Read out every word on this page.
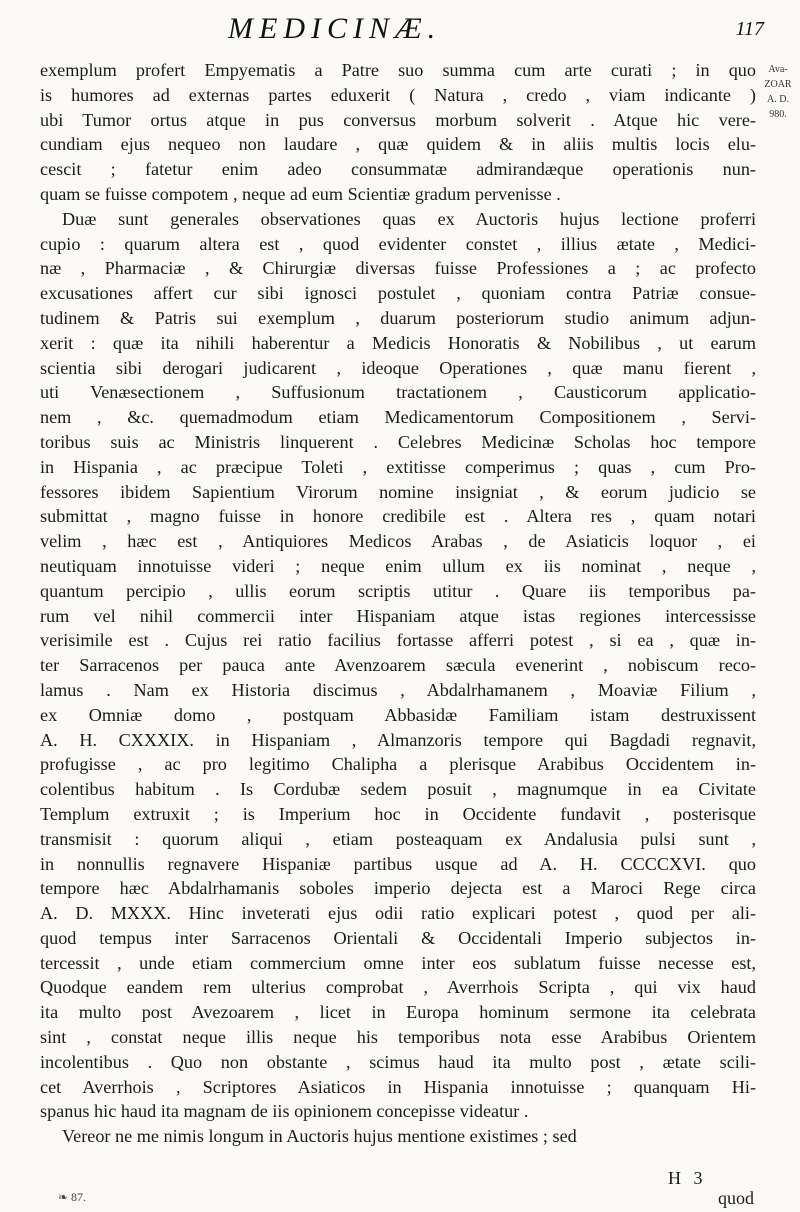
MEDICINÆ.	117
Ava-
ZOAR
A. D.
980.
exemplum profert Empyematis a Patre suo summa cum arte curati ; in quo
is humores ad externas partes eduxerit ( Natura , credo , viam indicante )
ubi Tumor ortus atque in pus conversus morbum solverit . Atque hic vere-
cundiam ejus nequeo non laudare , quæ quidem & in aliis multis locis elu-
cescit ; fatetur enim adeo consummatæ admirandæque operationis nun-
quam se fuisse compotem , neque ad eum Scientiæ gradum pervenisse .
Duæ sunt generales observationes quas ex Auctoris hujus lectione proferri
cupio : quarum altera est , quod evidenter constet , illius ætate , Medici-
næ , Pharmaciæ , & Chirurgiæ diversas fuisse Professiones a ; ac profecto
excusationes affert cur sibi ignosci postulet , quoniam contra Patriæ consue-
tudinem & Patris sui exemplum , duarum posteriorum studio animum adjun-
xerit : quæ ita nihili haberentur a Medicis Honoratis & Nobilibus , ut earum
scientia sibi derogari judicarent , ideoque Operationes , quæ manu fierent ,
uti Venæsectionem , Suffusionum tractationem , Causticorum applicatio-
nem , &c. quemadmodum etiam Medicamentorum Compositionem , Servi-
toribus suis ac Ministris linquerent . Celebres Medicinæ Scholas hoc tempore
in Hispania , ac præcipue Toleti , extitisse comperimus ; quas , cum Pro-
fessores ibidem Sapientium Virorum nomine insigniat , & eorum judicio se
submittat , magno fuisse in honore credibile est . Altera res , quam notari
velim , hæc est , Antiquiores Medicos Arabas , de Asiaticis loquor , ei
neutiquam innotuisse videri ; neque enim ullum ex iis nominat , neque ,
quantum percipio , ullis eorum scriptis utitur . Quare iis temporibus pa-
rum vel nihil commercii inter Hispaniam atque istas regiones intercessisse
verisimile est . Cujus rei ratio facilius fortasse afferri potest , si ea , quæ in-
ter Sarracenos per pauca ante Avenzoarem sæcula evenerint , nobiscum reco-
lamus . Nam ex Historia discimus , Abdalrhamanem , Moaviæ Filium ,
ex Omniæ domo , postquam Abbasidæ Familiam istam destruxissent
A. H. CXXXIX. in Hispaniam , Almanzoris tempore qui Bagdadi regnavit,
profugisse , ac pro legitimo Chalipha a plerisque Arabibus Occidentem in-
colentibus habitum . Is Cordubæ sedem posuit , magnumque in ea Civitate
Templum extruxit ; is Imperium hoc in Occidente fundavit , posterisque
transmisit : quorum aliqui , etiam posteaquam ex Andalusia pulsi sunt ,
in nonnullis regnavere Hispaniæ partibus usque ad A. H. CCCCXVI. quo
tempore hæc Abdalrhamanis soboles imperio dejecta est a Maroci Rege circa
A. D. MXXX. Hinc inveterati ejus odii ratio explicari potest , quod per ali-
quod tempus inter Sarracenos Orientali & Occidentali Imperio subjectos in-
tercessit , unde etiam commercium omne inter eos sublatum fuisse necesse est,
Quodque eandem rem ulterius comprobat , Averrhois Scripta , qui vix haud
ita multo post Avezoarem , licet in Europa hominum sermone ita celebrata
sint , constat neque illis neque his temporibus nota esse Arabibus Orientem
incolentibus . Quo non obstante , scimus haud ita multo post , ætate scili-
cet Averrhois , Scriptores Asiaticos in Hispania innotuisse ; quanquam Hi-
spanus hic haud ita magnam de iis opinionem concepisse videatur .
Vereor ne me nimis longum in Auctoris hujus mentione existimes ; sed
❧ 87.
H 3
quod
